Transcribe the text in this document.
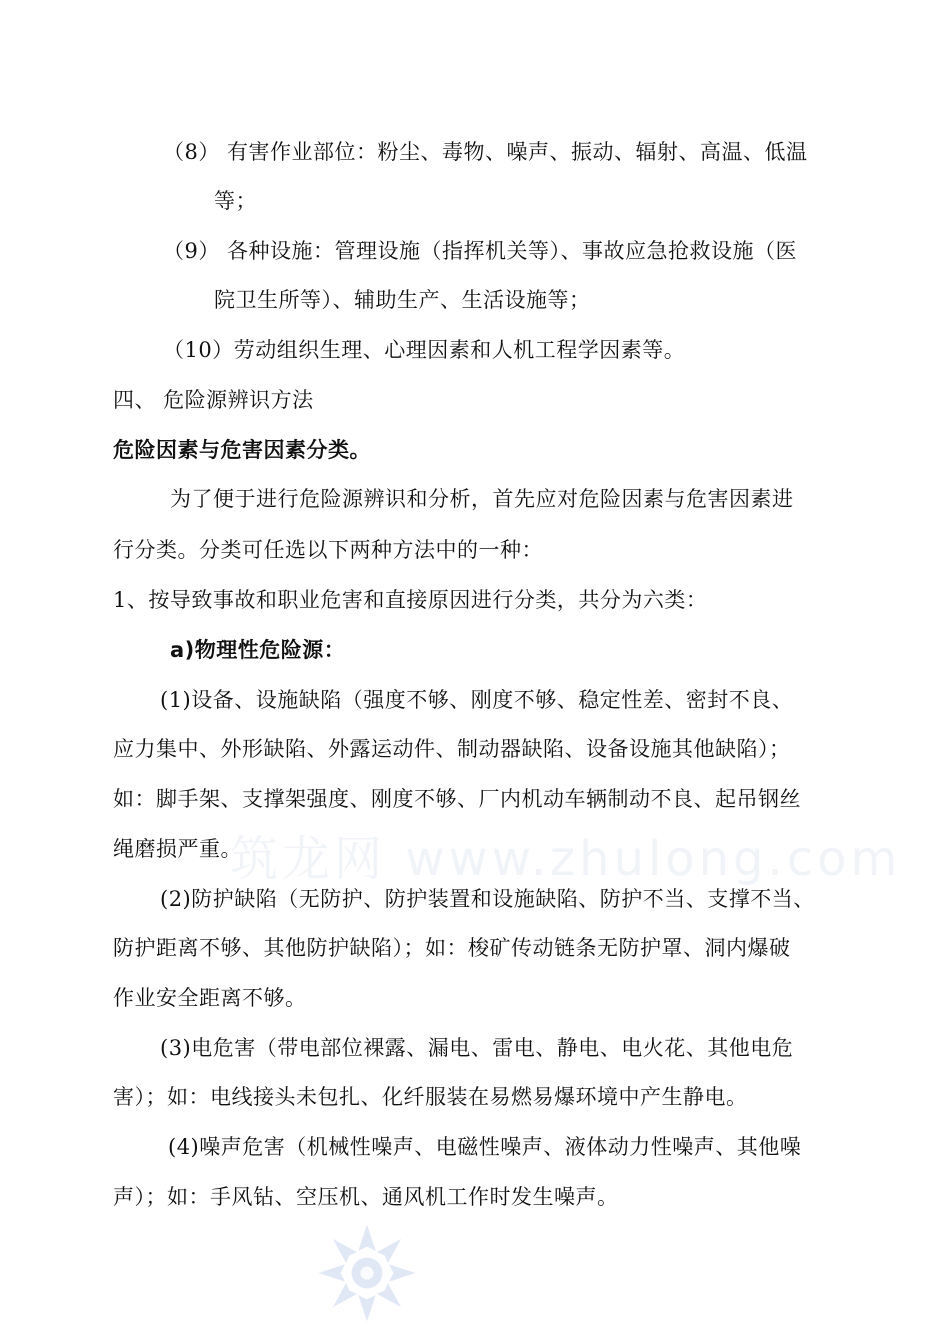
筑龙网 www.zhulong.com
（8） 有害作业部位：粉尘、毒物、噪声、振动、辐射、高温、低温
等；
（9） 各种设施：管理设施（指挥机关等）、事故应急抢救设施（医
院卫生所等）、辅助生产、生活设施等；
（10）劳动组织生理、心理因素和人机工程学因素等。
四、 危险源辨识方法
危险因素与危害因素分类。
为了便于进行危险源辨识和分析，首先应对危险因素与危害因素进
行分类。分类可任选以下两种方法中的一种：
1、按导致事故和职业危害和直接原因进行分类，共分为六类：
a)物理性危险源：
(1)设备、设施缺陷（强度不够、刚度不够、稳定性差、密封不良、
应力集中、外形缺陷、外露运动件、制动器缺陷、设备设施其他缺陷）；
如：脚手架、支撑架强度、刚度不够、厂内机动车辆制动不良、起吊钢丝
绳磨损严重。
(2)防护缺陷（无防护、防护装置和设施缺陷、防护不当、支撑不当、
防护距离不够、其他防护缺陷）；如：梭矿传动链条无防护罩、洞内爆破
作业安全距离不够。
(3)电危害（带电部位裸露、漏电、雷电、静电、电火花、其他电危
害）；如：电线接头未包扎、化纤服装在易燃易爆环境中产生静电。
(4)噪声危害（机械性噪声、电磁性噪声、液体动力性噪声、其他噪
声）；如：手风钻、空压机、通风机工作时发生噪声。
